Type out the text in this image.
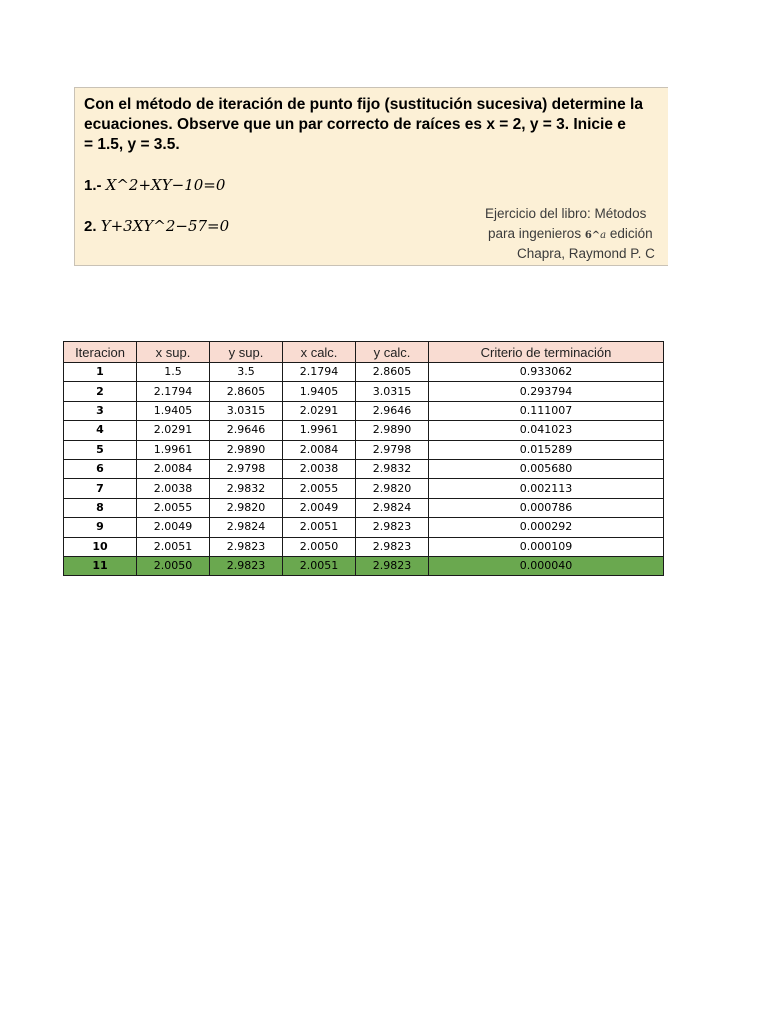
Con el método de iteración de punto fijo (sustitución sucesiva) determine la
ecuaciones. Observe que un par correcto de raíces es x = 2, y = 3. Inicie e
= 1.5, y = 3.5.
1.- X^2+XY−10=0
2. Y+3XY^2−57=0
Ejercicio del libro: Métodos
para ingenieros 6^a edición
Chapra, Raymond P. C
Iteracion	x sup.	y sup.	x calc.	y calc.	Criterio de terminación
1	1.5	3.5	2.1794	2.8605	0.933062
2	2.1794	2.8605	1.9405	3.0315	0.293794
3	1.9405	3.0315	2.0291	2.9646	0.111007
4	2.0291	2.9646	1.9961	2.9890	0.041023
5	1.9961	2.9890	2.0084	2.9798	0.015289
6	2.0084	2.9798	2.0038	2.9832	0.005680
7	2.0038	2.9832	2.0055	2.9820	0.002113
8	2.0055	2.9820	2.0049	2.9824	0.000786
9	2.0049	2.9824	2.0051	2.9823	0.000292
10	2.0051	2.9823	2.0050	2.9823	0.000109
11	2.0050	2.9823	2.0051	2.9823	0.000040
